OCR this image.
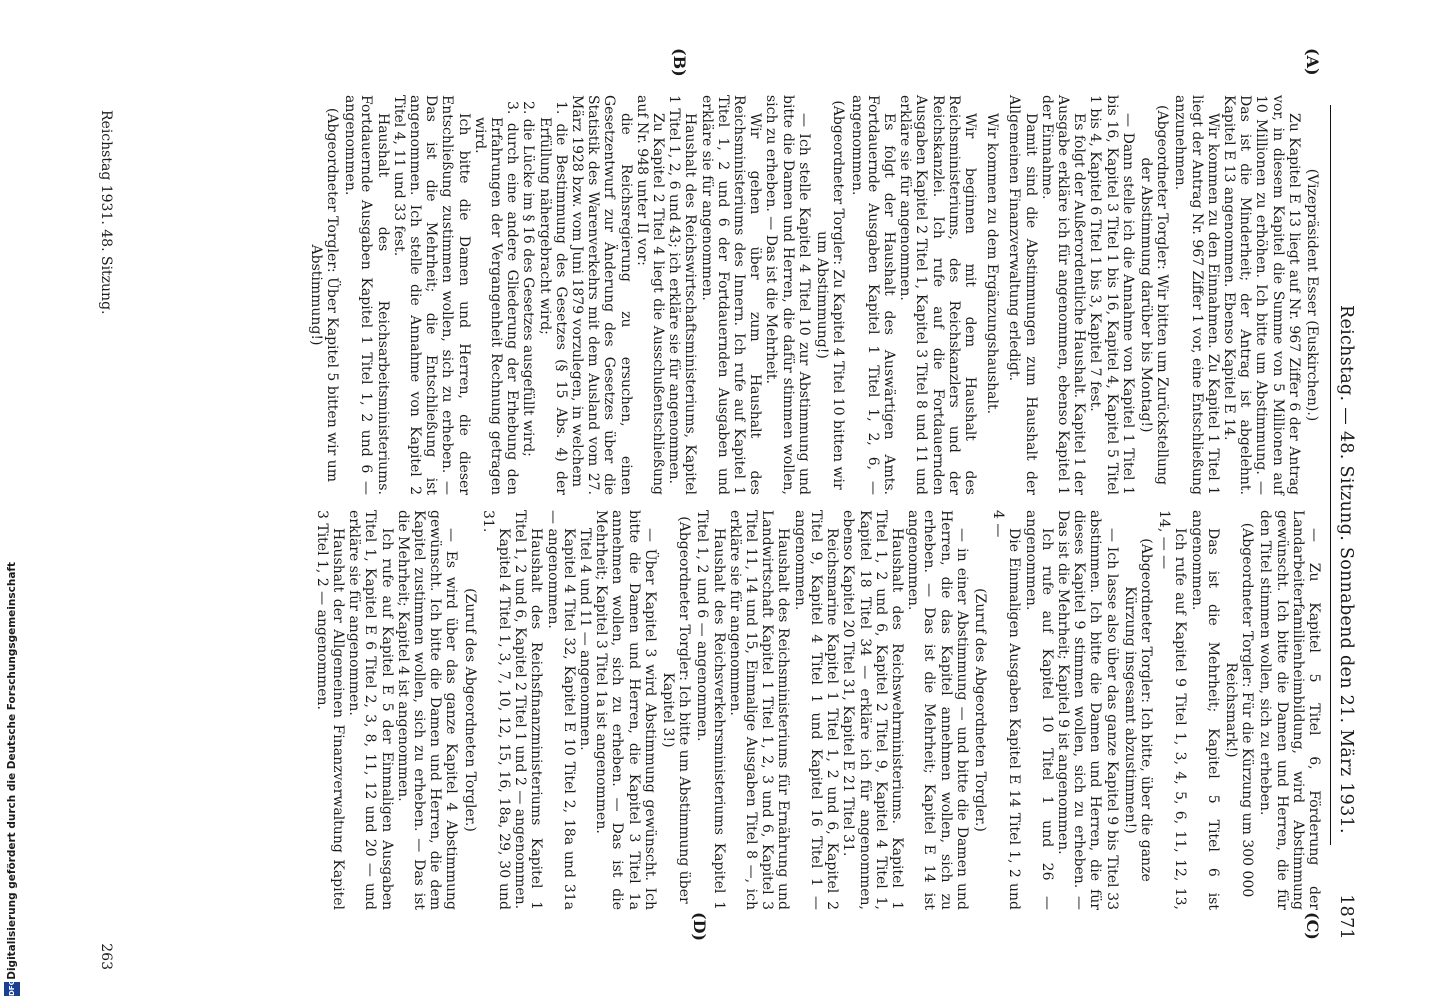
Digitalisierung gefördert durch die Deutsche Forschungsgemeinschaft
DFG
Reichstag. — 48. Sitzung. Sonnabend den 21. März 1931.
1871
(A)
(B)
(C)
(D)

(Vizepräsident Esser (Euskirchen).)

Zu Kapitel E 13 liegt auf Nr. 967 Ziffer 6 der Antrag vor, in diesem Kapitel die Summe von 5 Millionen auf 10 Millionen zu erhöhen. Ich bitte um Abstimmung. — Das ist die Minderheit; der Antrag ist abgelehnt. Kapitel E 13 angenommen. Ebenso Kapitel E 14.

Wir kommen zu den Einnahmen. Zu Kapitel 1 Titel 1 liegt der Antrag Nr. 967 Ziffer 1 vor, eine Entschließung anzunehmen.

(Abgeordneter Torgler: Wir bitten um Zurückstellung der Abstimmung darüber bis Montag!)

— Dann stelle ich die Annahme von Kapitel 1 Titel 1 bis 16, Kapitel 3 Titel 1 bis 16, Kapitel 4, Kapitel 5 Titel 1 bis 4, Kapitel 6 Titel 1 bis 3, Kapitel 7 fest.

Es folgt der Außerordentliche Haushalt. Kapitel 1 der Ausgabe erkläre ich für angenommen, ebenso Kapitel 1 der Einnahme.

Damit sind die Abstimmungen zum Haushalt der Allgemeinen Finanzverwaltung erledigt.

Wir kommen zu dem Ergänzungshaushalt.

Wir beginnen mit dem Haushalt des Reichsministeriums, des Reichskanzlers und der Reichskanzlei. Ich rufe auf die Fortdauernden Ausgaben Kapitel 2 Titel 1, Kapitel 3 Titel 8 und 11 und erkläre sie für angenommen.

Es folgt der Haushalt des Auswärtigen Amts. Fortdauernde Ausgaben Kapitel 1 Titel 1, 2, 6, — angenommen.

(Abgeordneter Torgler: Zu Kapitel 4 Titel 10 bitten wir um Abstimmung!)

— Ich stelle Kapitel 4 Titel 10 zur Abstimmung und bitte die Damen und Herren, die dafür stimmen wollen, sich zu erheben. — Das ist die Mehrheit.

Wir gehen über zum Haushalt des Reichsministeriums des Innern. Ich rufe auf Kapitel 1 Titel 1, 2 und 6 der Fortdauernden Ausgaben und erkläre sie für angenommen.

Haushalt des Reichswirtschaftsministeriums, Kapitel 1 Titel 1, 2, 6 und 43; ich erkläre sie für angenommen.

Zu Kapitel 2 Titel 4 liegt die Ausschußentschließung auf Nr. 948 unter II vor:

die Reichsregierung zu ersuchen, einen Gesetzentwurf zur Änderung des Gesetzes über die Statistik des Warenverkehrs mit dem Ausland vom 27. März 1928 bzw. vom Juni 1879 vorzulegen, in welchem

1. die Bestimmung des Gesetzes (§ 15 Abs. 4) der Erfüllung nähergebracht wird;

2. die Lücke im § 16 des Gesetzes ausgefüllt wird;

3. durch eine andere Gliederung der Erhebung den Erfahrungen der Vergangenheit Rechnung getragen wird.

Ich bitte die Damen und Herren, die dieser Entschließung zustimmen wollen, sich zu erheben. — Das ist die Mehrheit; die Entschließung ist angenommen. Ich stelle die Annahme von Kapitel 2 Titel 4, 11 und 33 fest.

Haushalt des Reichsarbeitsministeriums. Fortdauernde Ausgaben Kapitel 1 Titel 1, 2 und 6 — angenommen.

(Abgeordneter Torgler: Über Kapitel 5 bitten wir um Abstimmung!)

— Zu Kapitel 5 Titel 6, Förderung der Landarbeiterfamilienheimbildung, wird Abstimmung gewünscht. Ich bitte die Damen und Herren, die für den Titel stimmen wollen, sich zu erheben.

(Abgeordneter Torgler: Für die Kürzung um 300 000 Reichsmark!)

Das ist die Mehrheit; Kapitel 5 Titel 6 ist angenommen.

Ich rufe auf Kapitel 9 Titel 1, 3, 4, 5, 6, 11, 12, 13, 14, — —

(Abgeordneter Torgler: Ich bitte, über die ganze Kürzung insgesamt abzustimmen!)

— Ich lasse also über das ganze Kapitel 9 bis Titel 33 abstimmen. Ich bitte die Damen und Herren, die für dieses Kapitel 9 stimmen wollen, sich zu erheben. — Das ist die Mehrheit; Kapitel 9 ist angenommen.

Ich rufe auf Kapitel 10 Titel 1 und 26 — angenommen.

Die Einmaligen Ausgaben Kapitel E 14 Titel 1, 2 und 4 —

(Zuruf des Abgeordneten Torgler.)

— in einer Abstimmung — und bitte die Damen und Herren, die das Kapitel annehmen wollen, sich zu erheben. — Das ist die Mehrheit; Kapitel E 14 ist angenommen.

Haushalt des Reichswehrministeriums. Kapitel 1 Titel 1, 2 und 6, Kapitel 2 Titel 9, Kapitel 4 Titel 1, Kapitel 18 Titel 34 — erkläre ich für angenommen, ebenso Kapitel 20 Titel 31, Kapitel E 21 Titel 31.

Reichsmarine Kapitel 1 Titel 1, 2 und 6, Kapitel 2 Titel 9, Kapitel 4 Titel 1 und Kapitel 16 Titel 1 — angenommen.

Haushalt des Reichsministeriums für Ernährung und Landwirtschaft Kapitel 1 Titel 1, 2, 3 und 6, Kapitel 3 Titel 11, 14 und 15, Einmalige Ausgaben Titel 8 —, ich erkläre sie für angenommen.

Haushalt des Reichsverkehrsministeriums Kapitel 1 Titel 1, 2 und 6 — angenommen.

(Abgeordneter Torgler: Ich bitte um Abstimmung über Kapitel 3!)

— Über Kapitel 3 wird Abstimmung gewünscht. Ich bitte die Damen und Herren, die Kapitel 3 Titel 1a annehmen wollen, sich zu erheben. — Das ist die Mehrheit; Kapitel 3 Titel 1a ist angenommen.

Titel 4 und 11 — angenommen.

Kapitel 4 Titel 32, Kapitel E 10 Titel 2, 18a und 31a — angenommen.

Haushalt des Reichsfinanzministeriums Kapitel 1 Titel 1, 2 und 6, Kapitel 2 Titel 1 und 2 — angenommen.

Kapitel 4 Titel 1, 3, 7, 10, 12, 15, 16, 18a, 29, 30 und 31.

(Zuruf des Abgeordneten Torgler.)

— Es wird über das ganze Kapitel 4 Abstimmung gewünscht. Ich bitte die Damen und Herren, die dem Kapitel zustimmen wollen, sich zu erheben. — Das ist die Mehrheit; Kapitel 4 ist angenommen.

Ich rufe auf Kapitel E 5 der Einmaligen Ausgaben Titel 1, Kapitel E 6 Titel 2, 3, 8, 11, 12 und 20 — und erkläre sie für angenommen.

Haushalt der Allgemeinen Finanzverwaltung Kapitel 3 Titel 1, 2 — angenommen.

Reichstag 1931. 48. Sitzung.
263
